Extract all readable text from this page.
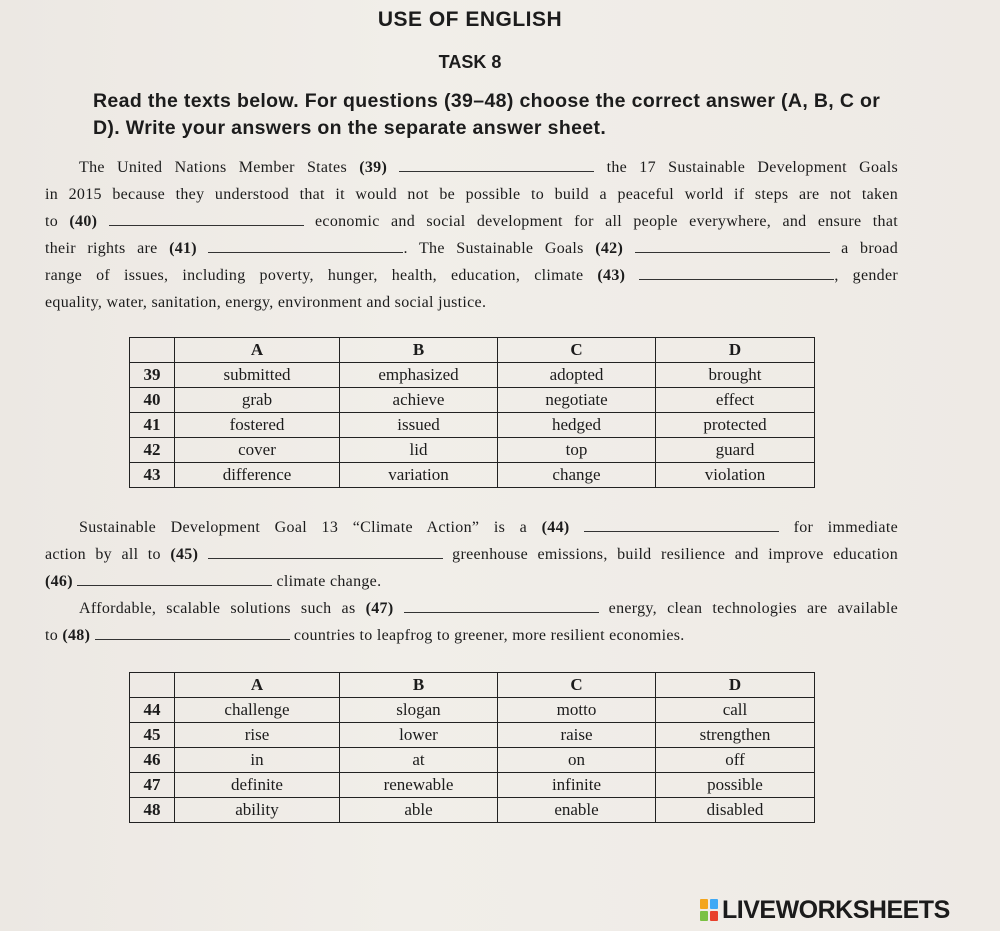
USE OF ENGLISH
TASK 8
Read the texts below. For questions (39–48) choose the correct answer (A, B, C or D). Write your answers on the separate answer sheet.
The United Nations Member States (39)	the 17 Sustainable Development Goals
in 2015 because they understood that it would not be possible to build a peaceful world if steps are not taken
to (40)	economic and social development for all people everywhere, and ensure that
their rights are (41)	. The Sustainable Goals (42)	a broad
range of issues, including poverty, hunger, health, education, climate (43)	, gender
equality, water, sanitation, energy, environment and social justice.
	A	B	C	D
39	submitted	emphasized	adopted	brought
40	grab	achieve	negotiate	effect
41	fostered	issued	hedged	protected
42	cover	lid	top	guard
43	difference	variation	change	violation
Sustainable Development Goal 13 “Climate Action” is a (44)	for immediate
action by all to (45)	greenhouse emissions, build resilience and improve education
(46)	climate change.
Affordable, scalable solutions such as (47)	energy, clean technologies are available
to (48)	countries to leapfrog to greener, more resilient economies.
	A	B	C	D
44	challenge	slogan	motto	call
45	rise	lower	raise	strengthen
46	in	at	on	off
47	definite	renewable	infinite	possible
48	ability	able	enable	disabled
LIVEWORKSHEETS
